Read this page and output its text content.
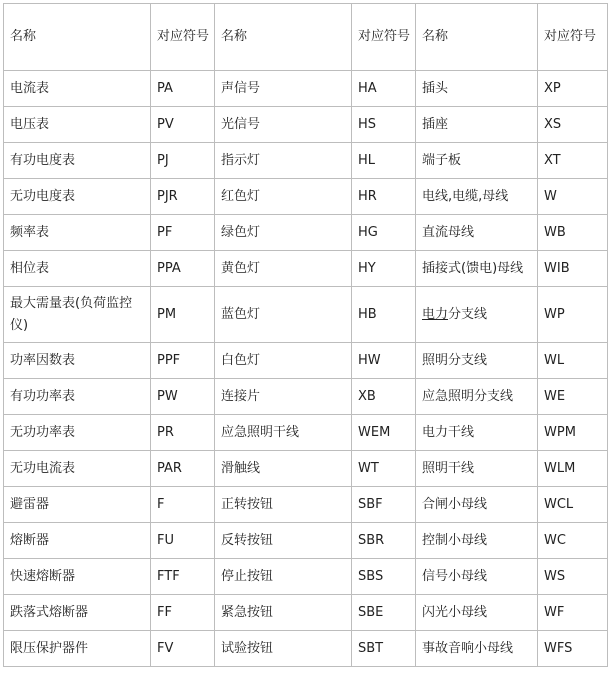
名称	对应符号	名称	对应符号	名称	对应符号
电流表	PA	声信号	HA	插头	XP
电压表	PV	光信号	HS	插座	XS
有功电度表	PJ	指示灯	HL	端子板	XT
无功电度表	PJR	红色灯	HR	电线,电缆,母线	W
频率表	PF	绿色灯	HG	直流母线	WB
相位表	PPA	黄色灯	HY	插接式(馈电)母线	WIB
最大需量表(负荷监控仪)	PM	蓝色灯	HB	电力分支线	WP
功率因数表	PPF	白色灯	HW	照明分支线	WL
有功功率表	PW	连接片	XB	应急照明分支线	WE
无功功率表	PR	应急照明干线	WEM	电力干线	WPM
无功电流表	PAR	滑触线	WT	照明干线	WLM
避雷器	F	正转按钮	SBF	合闸小母线	WCL
熔断器	FU	反转按钮	SBR	控制小母线	WC
快速熔断器	FTF	停止按钮	SBS	信号小母线	WS
跌落式熔断器	FF	紧急按钮	SBE	闪光小母线	WF
限压保护器件	FV	试验按钮	SBT	事故音响小母线	WFS
